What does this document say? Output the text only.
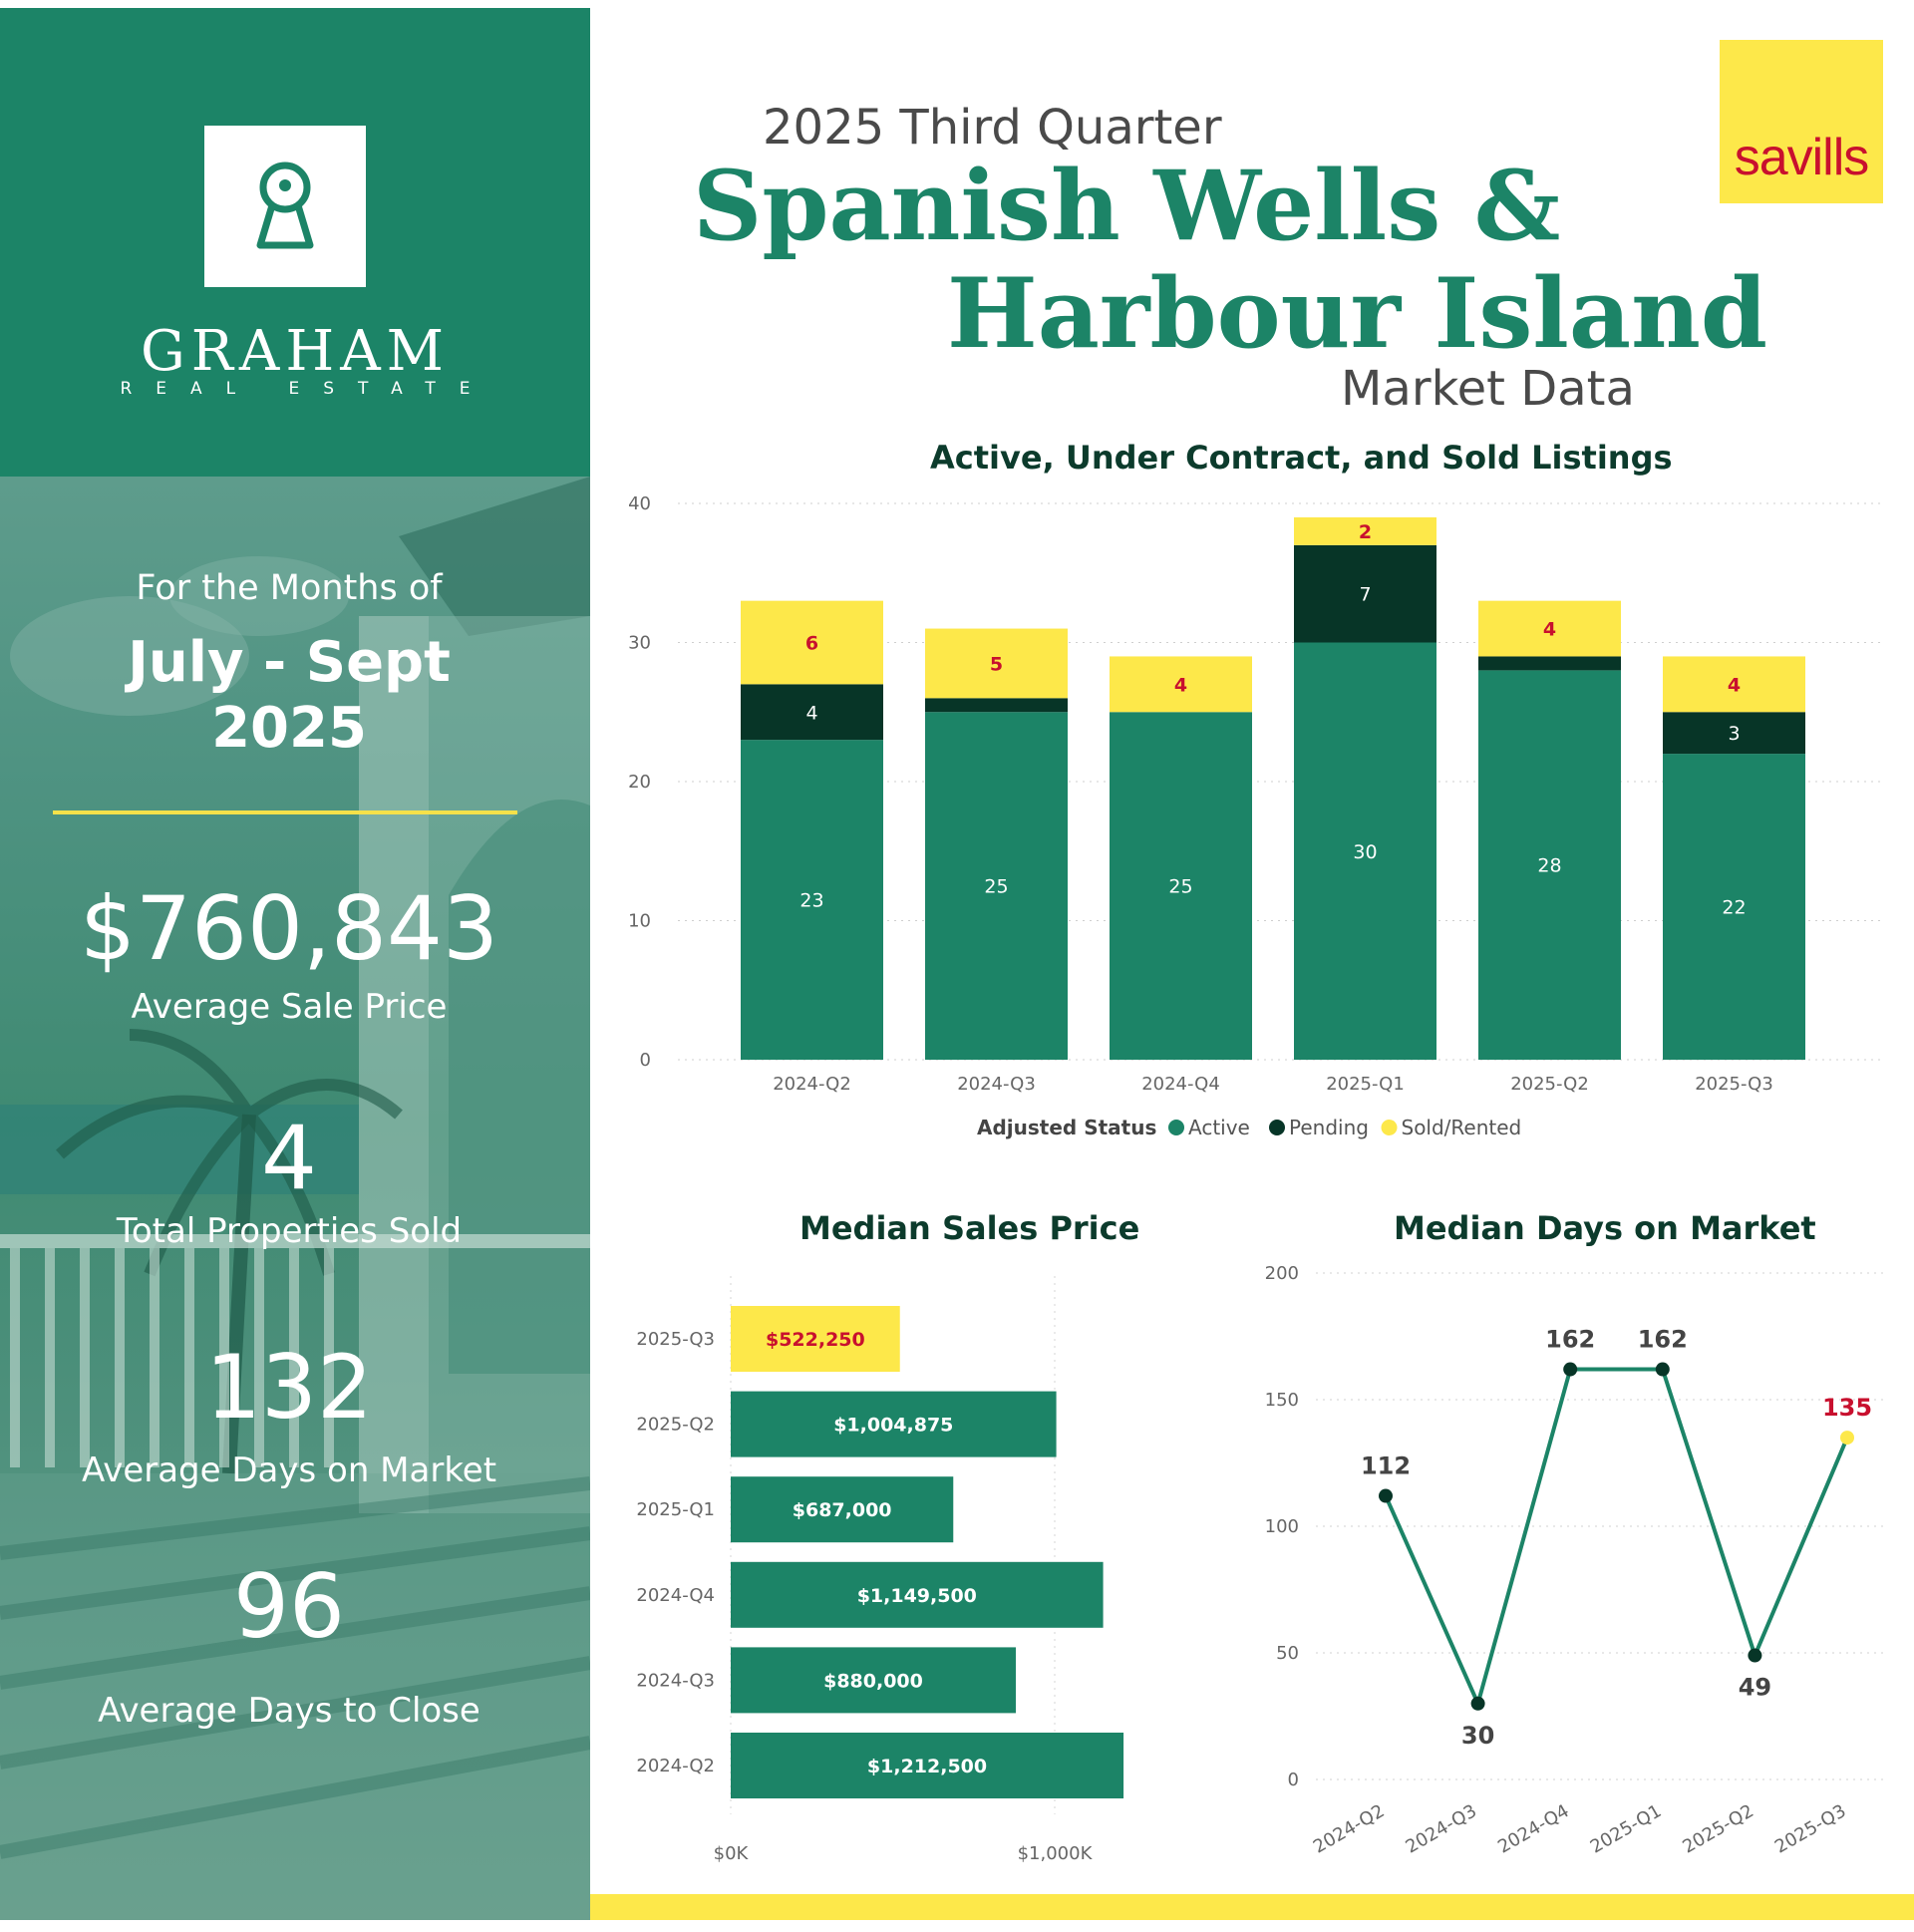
GRAHAM
REAL ESTATE
For the Months of
July - Sept
2025
$760,843
Average Sale Price
4
Total Properties Sold
132
Average Days on Market
96
Average Days to Close
2025 Third Quarter
Spanish Wells &
Harbour Island
Market Data
savills
Active, Under Contract, and Sold Listings
0
10
20
30
40
23
4
6
2024-Q2
25
5
2024-Q3
25
4
2024-Q4
30
7
2
2025-Q1
28
4
2025-Q2
22
3
4
2025-Q3
Adjusted Status Active Pending Sold/Rented
Median Sales Price
$0K	$1,000K
$522,250
2025-Q3
$1,004,875
2025-Q2
$687,000
2025-Q1
$1,149,500
2024-Q4
$880,000
2024-Q3
$1,212,500
2024-Q2
Median Days on Market
0
50
100
150
200
112
2024-Q2
30
2024-Q3
162
2024-Q4
162
2025-Q1
49
2025-Q2
135
2025-Q3
